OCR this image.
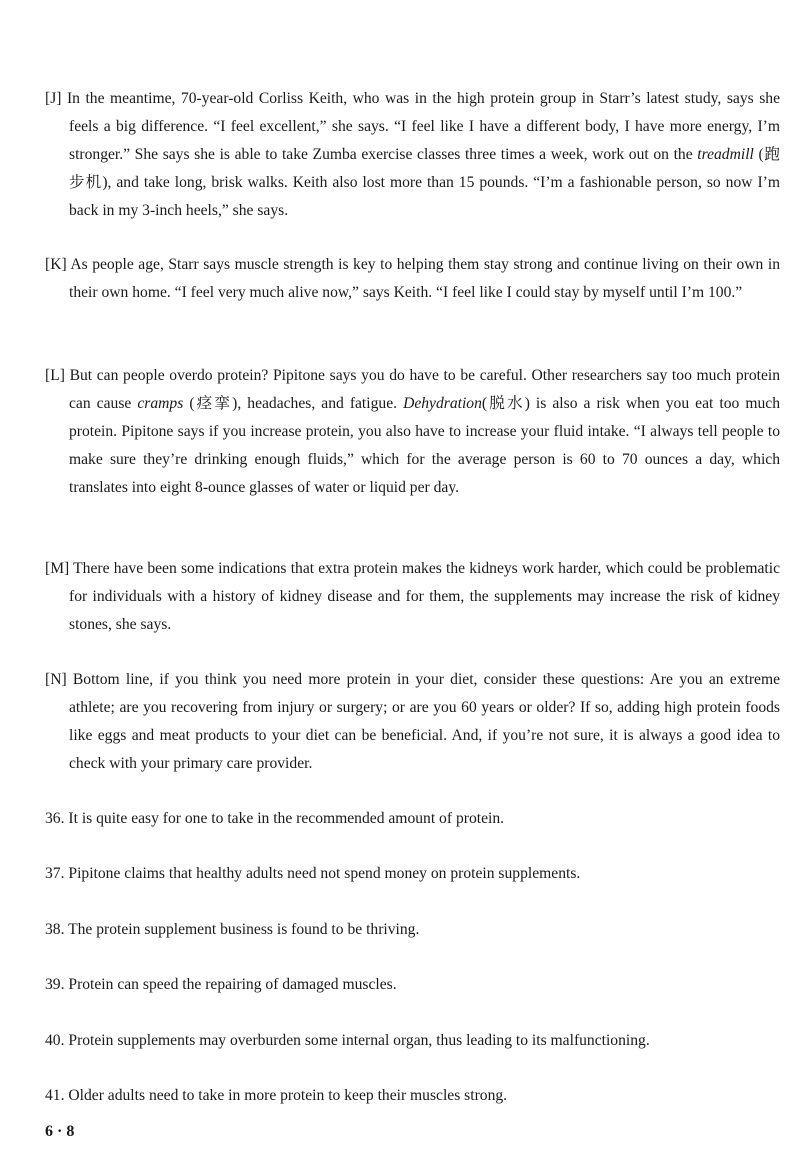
[J] In the meantime, 70-year-old Corliss Keith, who was in the high protein group in Starr’s latest study, says she feels a big difference. “I feel excellent,” she says. “I feel like I have a different body, I have more energy, I’m stronger.” She says she is able to take Zumba exercise classes three times a week, work out on the treadmill (跑步机), and take long, brisk walks. Keith also lost more than 15 pounds. “I’m a fashionable person, so now I’m back in my 3-inch heels,” she says.

[K] As people age, Starr says muscle strength is key to helping them stay strong and continue living on their own in their own home. “I feel very much alive now,” says Keith. “I feel like I could stay by myself until I’m 100.”

[L] But can people overdo protein? Pipitone says you do have to be careful. Other researchers say too much protein can cause cramps (痉挛), headaches, and fatigue. Dehydration(脱水) is also a risk when you eat too much protein. Pipitone says if you increase protein, you also have to increase your fluid intake. “I always tell people to make sure they’re drinking enough fluids,” which for the average person is 60 to 70 ounces a day, which translates into eight 8-ounce glasses of water or liquid per day.

[M] There have been some indications that extra protein makes the kidneys work harder, which could be problematic for individuals with a history of kidney disease and for them, the supplements may increase the risk of kidney stones, she says.

[N] Bottom line, if you think you need more protein in your diet, consider these questions: Are you an extreme athlete; are you recovering from injury or surgery; or are you 60 years or older? If so, adding high protein foods like eggs and meat products to your diet can be beneficial. And, if you’re not sure, it is always a good idea to check with your primary care provider.

36. It is quite easy for one to take in the recommended amount of protein.

37. Pipitone claims that healthy adults need not spend money on protein supplements.

38. The protein supplement business is found to be thriving.

39. Protein can speed the repairing of damaged muscles.

40. Protein supplements may overburden some internal organ, thus leading to its malfunctioning.

41. Older adults need to take in more protein to keep their muscles strong.

6 · 8
